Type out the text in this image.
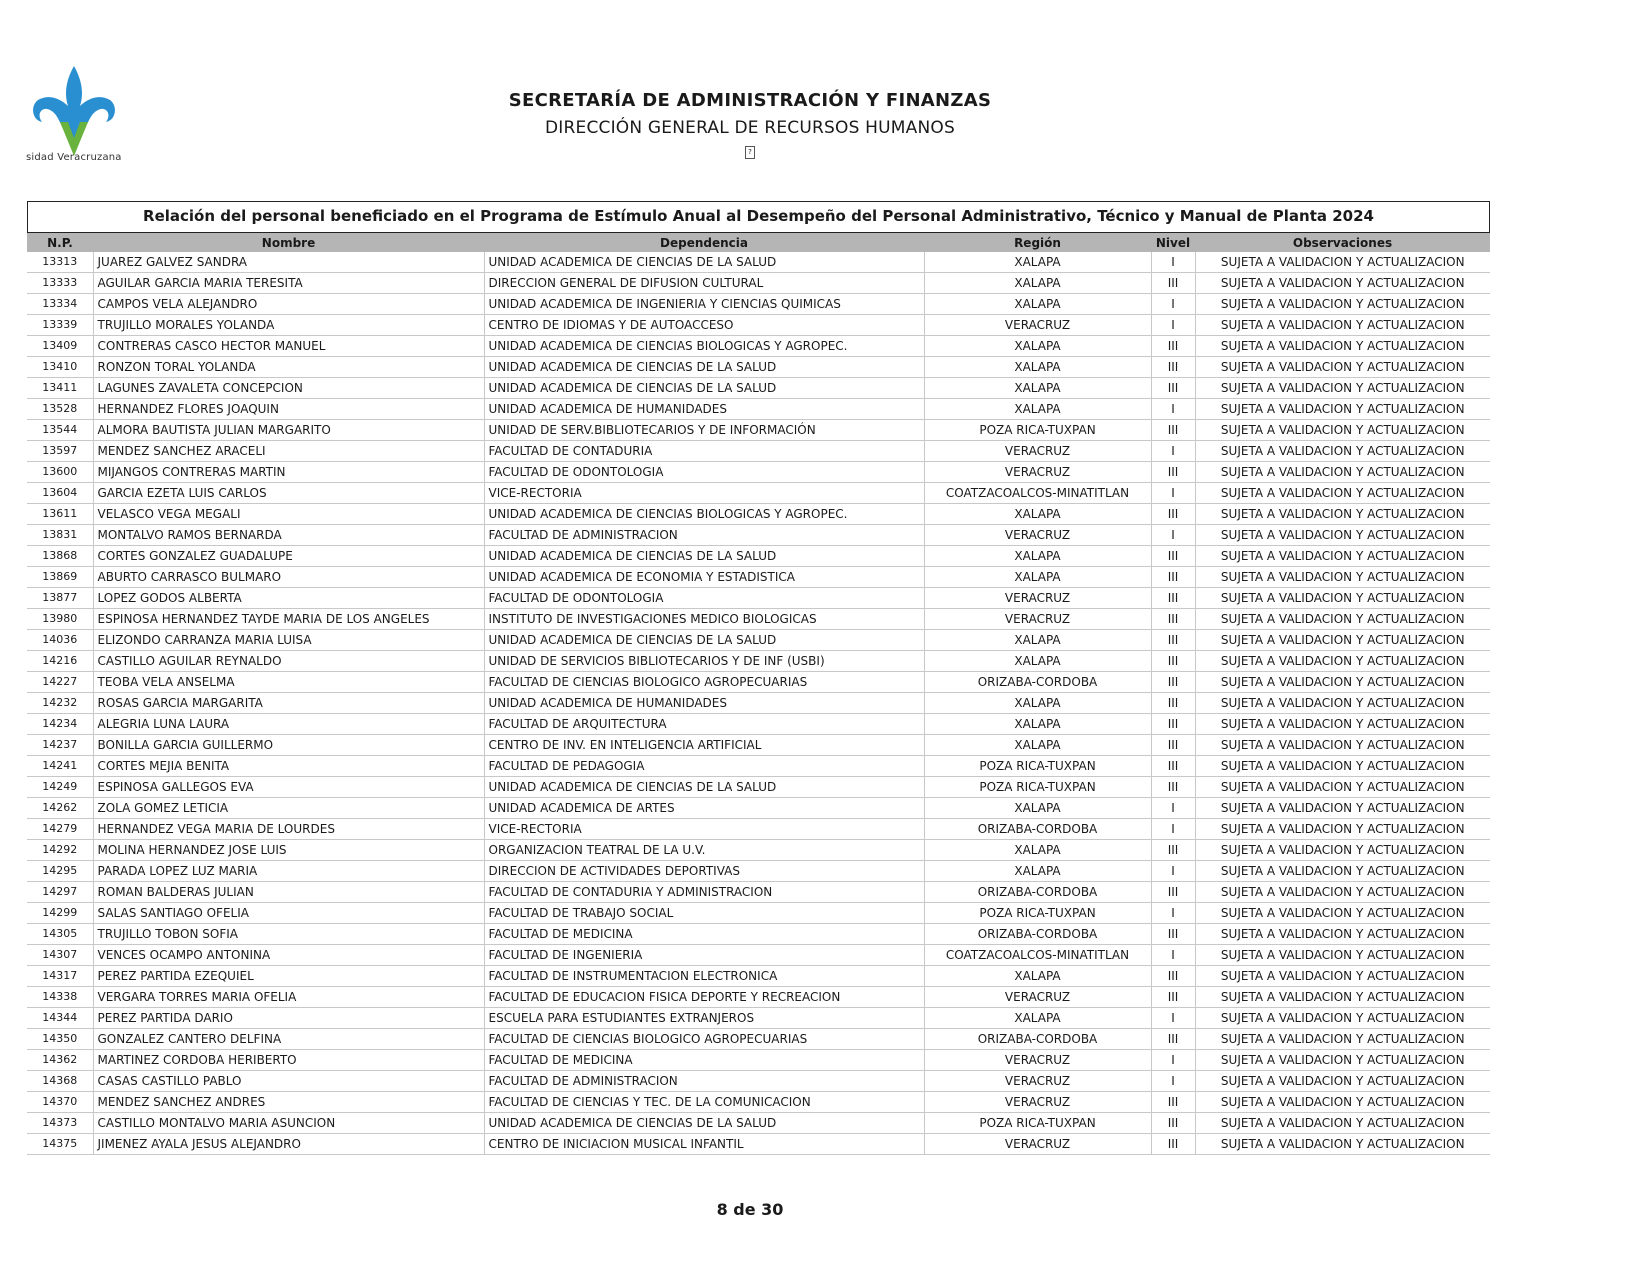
sidad Veracruzana
SECRETARÍA DE ADMINISTRACIÓN Y FINANZAS
DIRECCIÓN GENERAL DE RECURSOS HUMANOS
?
Relación del personal beneficiado en el Programa de Estímulo Anual al Desempeño del Personal Administrativo, Técnico y Manual de Planta 2024
N.P.	Nombre	Dependencia	Región	Nivel	Observaciones
13313	JUAREZ GALVEZ SANDRA	UNIDAD ACADEMICA DE CIENCIAS DE LA SALUD	XALAPA	I	SUJETA A VALIDACION Y ACTUALIZACION
13333	AGUILAR GARCIA MARIA TERESITA	DIRECCION GENERAL DE DIFUSION CULTURAL	XALAPA	III	SUJETA A VALIDACION Y ACTUALIZACION
13334	CAMPOS VELA ALEJANDRO	UNIDAD ACADEMICA DE INGENIERIA Y CIENCIAS QUIMICAS	XALAPA	I	SUJETA A VALIDACION Y ACTUALIZACION
13339	TRUJILLO MORALES YOLANDA	CENTRO DE IDIOMAS Y DE AUTOACCESO	VERACRUZ	I	SUJETA A VALIDACION Y ACTUALIZACION
13409	CONTRERAS CASCO HECTOR MANUEL	UNIDAD ACADEMICA DE CIENCIAS BIOLOGICAS Y AGROPEC.	XALAPA	III	SUJETA A VALIDACION Y ACTUALIZACION
13410	RONZON TORAL YOLANDA	UNIDAD ACADEMICA DE CIENCIAS DE LA SALUD	XALAPA	III	SUJETA A VALIDACION Y ACTUALIZACION
13411	LAGUNES ZAVALETA CONCEPCION	UNIDAD ACADEMICA DE CIENCIAS DE LA SALUD	XALAPA	III	SUJETA A VALIDACION Y ACTUALIZACION
13528	HERNANDEZ FLORES JOAQUIN	UNIDAD ACADEMICA DE HUMANIDADES	XALAPA	I	SUJETA A VALIDACION Y ACTUALIZACION
13544	ALMORA BAUTISTA JULIAN MARGARITO	UNIDAD DE SERV.BIBLIOTECARIOS Y DE INFORMACIÓN	POZA RICA-TUXPAN	III	SUJETA A VALIDACION Y ACTUALIZACION
13597	MENDEZ SANCHEZ ARACELI	FACULTAD DE CONTADURIA	VERACRUZ	I	SUJETA A VALIDACION Y ACTUALIZACION
13600	MIJANGOS CONTRERAS MARTIN	FACULTAD DE ODONTOLOGIA	VERACRUZ	III	SUJETA A VALIDACION Y ACTUALIZACION
13604	GARCIA EZETA LUIS CARLOS	VICE-RECTORIA	COATZACOALCOS-MINATITLAN	I	SUJETA A VALIDACION Y ACTUALIZACION
13611	VELASCO VEGA MEGALI	UNIDAD ACADEMICA DE CIENCIAS BIOLOGICAS Y AGROPEC.	XALAPA	III	SUJETA A VALIDACION Y ACTUALIZACION
13831	MONTALVO RAMOS BERNARDA	FACULTAD DE ADMINISTRACION	VERACRUZ	I	SUJETA A VALIDACION Y ACTUALIZACION
13868	CORTES GONZALEZ GUADALUPE	UNIDAD ACADEMICA DE CIENCIAS DE LA SALUD	XALAPA	III	SUJETA A VALIDACION Y ACTUALIZACION
13869	ABURTO CARRASCO BULMARO	UNIDAD ACADEMICA DE ECONOMIA Y ESTADISTICA	XALAPA	III	SUJETA A VALIDACION Y ACTUALIZACION
13877	LOPEZ GODOS ALBERTA	FACULTAD DE ODONTOLOGIA	VERACRUZ	III	SUJETA A VALIDACION Y ACTUALIZACION
13980	ESPINOSA HERNANDEZ TAYDE MARIA DE LOS ANGELES	INSTITUTO DE INVESTIGACIONES MEDICO BIOLOGICAS	VERACRUZ	III	SUJETA A VALIDACION Y ACTUALIZACION
14036	ELIZONDO CARRANZA MARIA LUISA	UNIDAD ACADEMICA DE CIENCIAS DE LA SALUD	XALAPA	III	SUJETA A VALIDACION Y ACTUALIZACION
14216	CASTILLO AGUILAR REYNALDO	UNIDAD DE SERVICIOS BIBLIOTECARIOS Y DE INF (USBI)	XALAPA	III	SUJETA A VALIDACION Y ACTUALIZACION
14227	TEOBA VELA ANSELMA	FACULTAD DE CIENCIAS BIOLOGICO AGROPECUARIAS	ORIZABA-CORDOBA	III	SUJETA A VALIDACION Y ACTUALIZACION
14232	ROSAS GARCIA MARGARITA	UNIDAD ACADEMICA DE HUMANIDADES	XALAPA	III	SUJETA A VALIDACION Y ACTUALIZACION
14234	ALEGRIA LUNA LAURA	FACULTAD DE ARQUITECTURA	XALAPA	III	SUJETA A VALIDACION Y ACTUALIZACION
14237	BONILLA GARCIA GUILLERMO	CENTRO DE INV. EN INTELIGENCIA ARTIFICIAL	XALAPA	III	SUJETA A VALIDACION Y ACTUALIZACION
14241	CORTES MEJIA BENITA	FACULTAD DE PEDAGOGIA	POZA RICA-TUXPAN	III	SUJETA A VALIDACION Y ACTUALIZACION
14249	ESPINOSA GALLEGOS EVA	UNIDAD ACADEMICA DE CIENCIAS DE LA SALUD	POZA RICA-TUXPAN	III	SUJETA A VALIDACION Y ACTUALIZACION
14262	ZOLA GOMEZ LETICIA	UNIDAD ACADEMICA DE ARTES	XALAPA	I	SUJETA A VALIDACION Y ACTUALIZACION
14279	HERNANDEZ VEGA MARIA DE LOURDES	VICE-RECTORIA	ORIZABA-CORDOBA	I	SUJETA A VALIDACION Y ACTUALIZACION
14292	MOLINA HERNANDEZ JOSE LUIS	ORGANIZACION TEATRAL DE LA U.V.	XALAPA	III	SUJETA A VALIDACION Y ACTUALIZACION
14295	PARADA LOPEZ LUZ MARIA	DIRECCION DE ACTIVIDADES DEPORTIVAS	XALAPA	I	SUJETA A VALIDACION Y ACTUALIZACION
14297	ROMAN BALDERAS JULIAN	FACULTAD DE CONTADURIA Y ADMINISTRACION	ORIZABA-CORDOBA	III	SUJETA A VALIDACION Y ACTUALIZACION
14299	SALAS SANTIAGO OFELIA	FACULTAD DE TRABAJO SOCIAL	POZA RICA-TUXPAN	I	SUJETA A VALIDACION Y ACTUALIZACION
14305	TRUJILLO TOBON SOFIA	FACULTAD DE MEDICINA	ORIZABA-CORDOBA	III	SUJETA A VALIDACION Y ACTUALIZACION
14307	VENCES OCAMPO ANTONINA	FACULTAD DE INGENIERIA	COATZACOALCOS-MINATITLAN	I	SUJETA A VALIDACION Y ACTUALIZACION
14317	PEREZ PARTIDA EZEQUIEL	FACULTAD DE INSTRUMENTACION ELECTRONICA	XALAPA	III	SUJETA A VALIDACION Y ACTUALIZACION
14338	VERGARA TORRES MARIA OFELIA	FACULTAD DE EDUCACION FISICA DEPORTE Y RECREACION	VERACRUZ	III	SUJETA A VALIDACION Y ACTUALIZACION
14344	PEREZ PARTIDA DARIO	ESCUELA PARA ESTUDIANTES EXTRANJEROS	XALAPA	I	SUJETA A VALIDACION Y ACTUALIZACION
14350	GONZALEZ CANTERO DELFINA	FACULTAD DE CIENCIAS BIOLOGICO AGROPECUARIAS	ORIZABA-CORDOBA	III	SUJETA A VALIDACION Y ACTUALIZACION
14362	MARTINEZ CORDOBA HERIBERTO	FACULTAD DE MEDICINA	VERACRUZ	I	SUJETA A VALIDACION Y ACTUALIZACION
14368	CASAS CASTILLO PABLO	FACULTAD DE ADMINISTRACION	VERACRUZ	I	SUJETA A VALIDACION Y ACTUALIZACION
14370	MENDEZ SANCHEZ ANDRES	FACULTAD DE CIENCIAS Y TEC. DE LA COMUNICACION	VERACRUZ	III	SUJETA A VALIDACION Y ACTUALIZACION
14373	CASTILLO MONTALVO MARIA ASUNCION	UNIDAD ACADEMICA DE CIENCIAS DE LA SALUD	POZA RICA-TUXPAN	III	SUJETA A VALIDACION Y ACTUALIZACION
14375	JIMENEZ AYALA JESUS ALEJANDRO	CENTRO DE INICIACION MUSICAL INFANTIL	VERACRUZ	III	SUJETA A VALIDACION Y ACTUALIZACION
8 de 30
